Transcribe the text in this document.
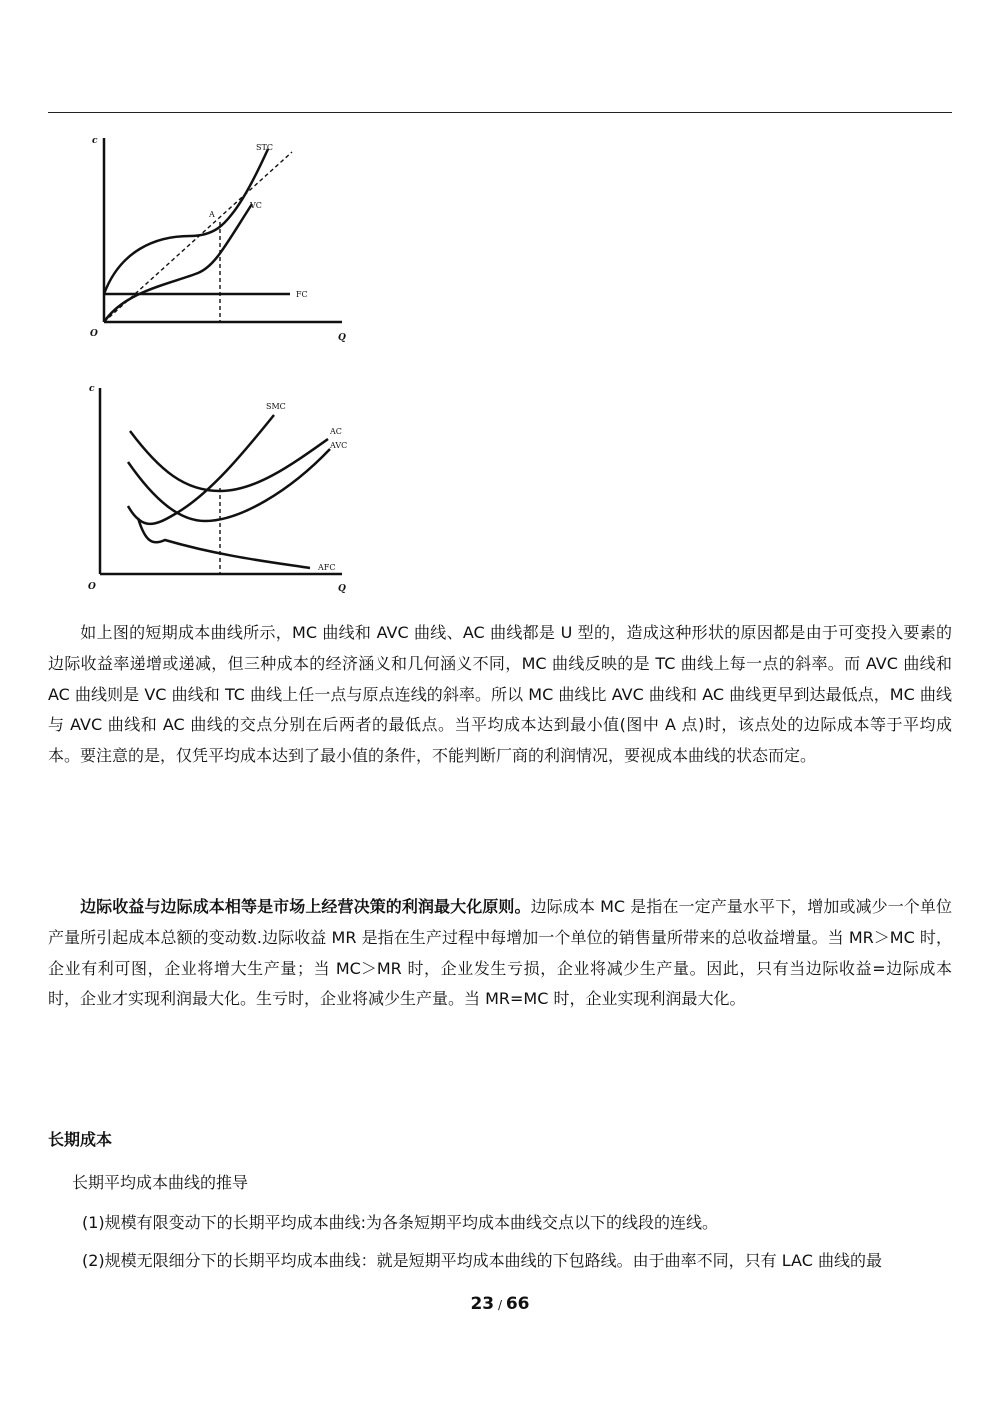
c
Q
O
A
STC
VC
FC
c
Q
O
SMC
AC
AVC
AFC
如上图的短期成本曲线所示，MC 曲线和 AVC 曲线、AC 曲线都是 U 型的，造成这种形状的原因都是由于可变投入要素的边际收益率递增或递减，但三种成本的经济涵义和几何涵义不同，MC 曲线反映的是 TC 曲线上每一点的斜率。而 AVC 曲线和 AC 曲线则是 VC 曲线和 TC 曲线上任一点与原点连线的斜率。所以 MC 曲线比 AVC 曲线和 AC 曲线更早到达最低点，MC 曲线与 AVC 曲线和 AC 曲线的交点分别在后两者的最低点。当平均成本达到最小值(图中 A 点)时，该点处的边际成本等于平均成本。要注意的是，仅凭平均成本达到了最小值的条件，不能判断厂商的利润情况，要视成本曲线的状态而定。
边际收益与边际成本相等是市场上经营决策的利润最大化原则。边际成本 MC 是指在一定产量水平下，增加或减少一个单位产量所引起成本总额的变动数.边际收益 MR 是指在生产过程中每增加一个单位的销售量所带来的总收益增量。当 MR＞MC 时，企业有利可图，企业将增大生产量；当 MC＞MR 时，企业发生亏损，企业将减少生产量。因此，只有当边际收益=边际成本时，企业才实现利润最大化。生亏时，企业将减少生产量。当 MR=MC 时，企业实现利润最大化。
长期成本
长期平均成本曲线的推导
(1)规模有限变动下的长期平均成本曲线:为各条短期平均成本曲线交点以下的线段的连线。
(2)规模无限细分下的长期平均成本曲线：就是短期平均成本曲线的下包路线。由于曲率不同，只有 LAC 曲线的最
23 / 66
